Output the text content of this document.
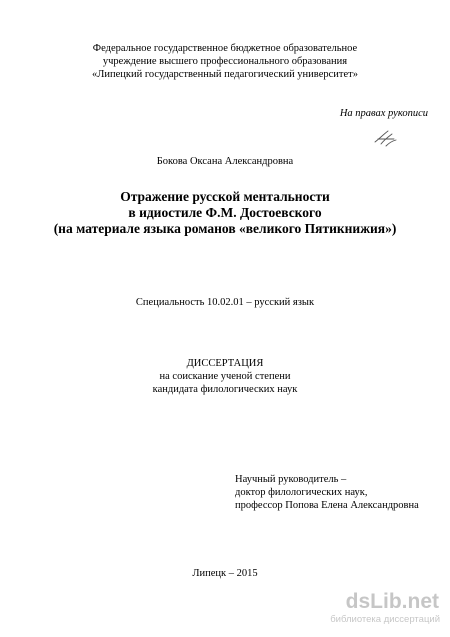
Федеральное государственное бюджетное образовательное
учреждение высшего профессионального образования
«Липецкий государственный педагогический университет»
На правах рукописи
Бокова Оксана Александровна
Отражение русской ментальности
в идиостиле Ф.М. Достоевского
(на материале языка романов «великого Пятикнижия»)
Специальность 10.02.01 – русский язык
ДИССЕРТАЦИЯ
на соискание ученой степени
кандидата филологических наук
Научный руководитель –
доктор филологических наук,
профессор Попова Елена Александровна
Липецк – 2015
dsLib.net
библиотека диссертаций
